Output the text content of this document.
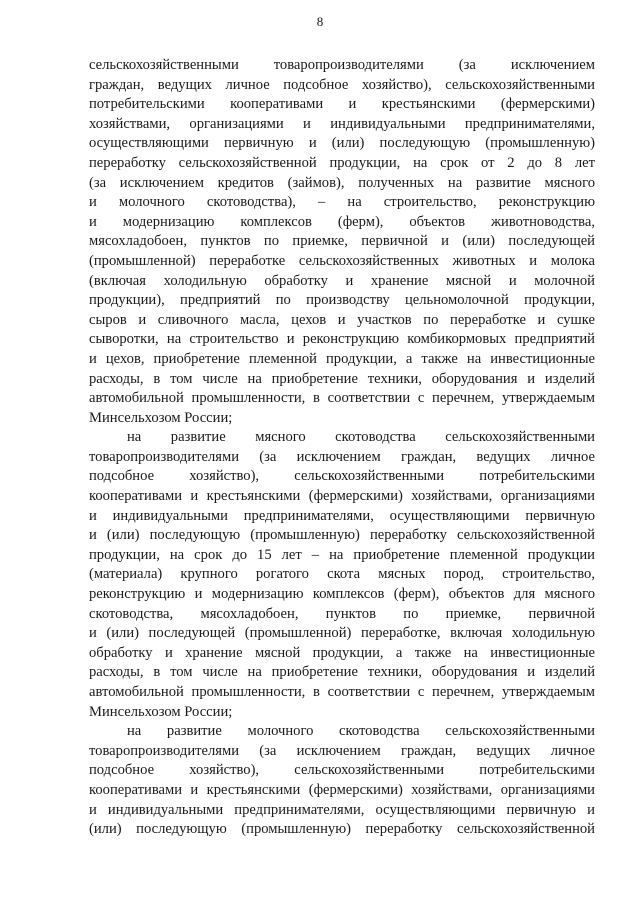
8

сельскохозяйственными товаропроизводителями (за исключением
граждан, ведущих личное подсобное хозяйство), сельскохозяйственными
потребительскими кооперативами и крестьянскими (фермерскими)
хозяйствами, организациями и индивидуальными предпринимателями,
осуществляющими первичную и (или) последующую (промышленную)
переработку сельскохозяйственной продукции, на срок от 2 до 8 лет
(за исключением кредитов (займов), полученных на развитие мясного
и молочного скотоводства), – на строительство, реконструкцию
и модернизацию комплексов (ферм), объектов животноводства,
мясохладобоен, пунктов по приемке, первичной и (или) последующей
(промышленной) переработке сельскохозяйственных животных и молока
(включая холодильную обработку и хранение мясной и молочной
продукции), предприятий по производству цельномолочной продукции,
сыров и сливочного масла, цехов и участков по переработке и сушке
сыворотки, на строительство и реконструкцию комбикормовых предприятий
и цехов, приобретение племенной продукции, а также на инвестиционные
расходы, в том числе на приобретение техники, оборудования и изделий
автомобильной промышленности, в соответствии с перечнем, утверждаемым
Минсельхозом России;

на развитие мясного скотоводства сельскохозяйственными
товаропроизводителями (за исключением граждан, ведущих личное
подсобное хозяйство), сельскохозяйственными потребительскими
кооперативами и крестьянскими (фермерскими) хозяйствами, организациями
и индивидуальными предпринимателями, осуществляющими первичную
и (или) последующую (промышленную) переработку сельскохозяйственной
продукции, на срок до 15 лет – на приобретение племенной продукции
(материала) крупного рогатого скота мясных пород, строительство,
реконструкцию и модернизацию комплексов (ферм), объектов для мясного
скотоводства, мясохладобоен, пунктов по приемке, первичной
и (или) последующей (промышленной) переработке, включая холодильную
обработку и хранение мясной продукции, а также на инвестиционные
расходы, в том числе на приобретение техники, оборудования и изделий
автомобильной промышленности, в соответствии с перечнем, утверждаемым
Минсельхозом России;

на развитие молочного скотоводства сельскохозяйственными
товаропроизводителями (за исключением граждан, ведущих личное
подсобное хозяйство), сельскохозяйственными потребительскими
кооперативами и крестьянскими (фермерскими) хозяйствами, организациями
и индивидуальными предпринимателями, осуществляющими первичную и
(или) последующую (промышленную) переработку сельскохозяйственной
